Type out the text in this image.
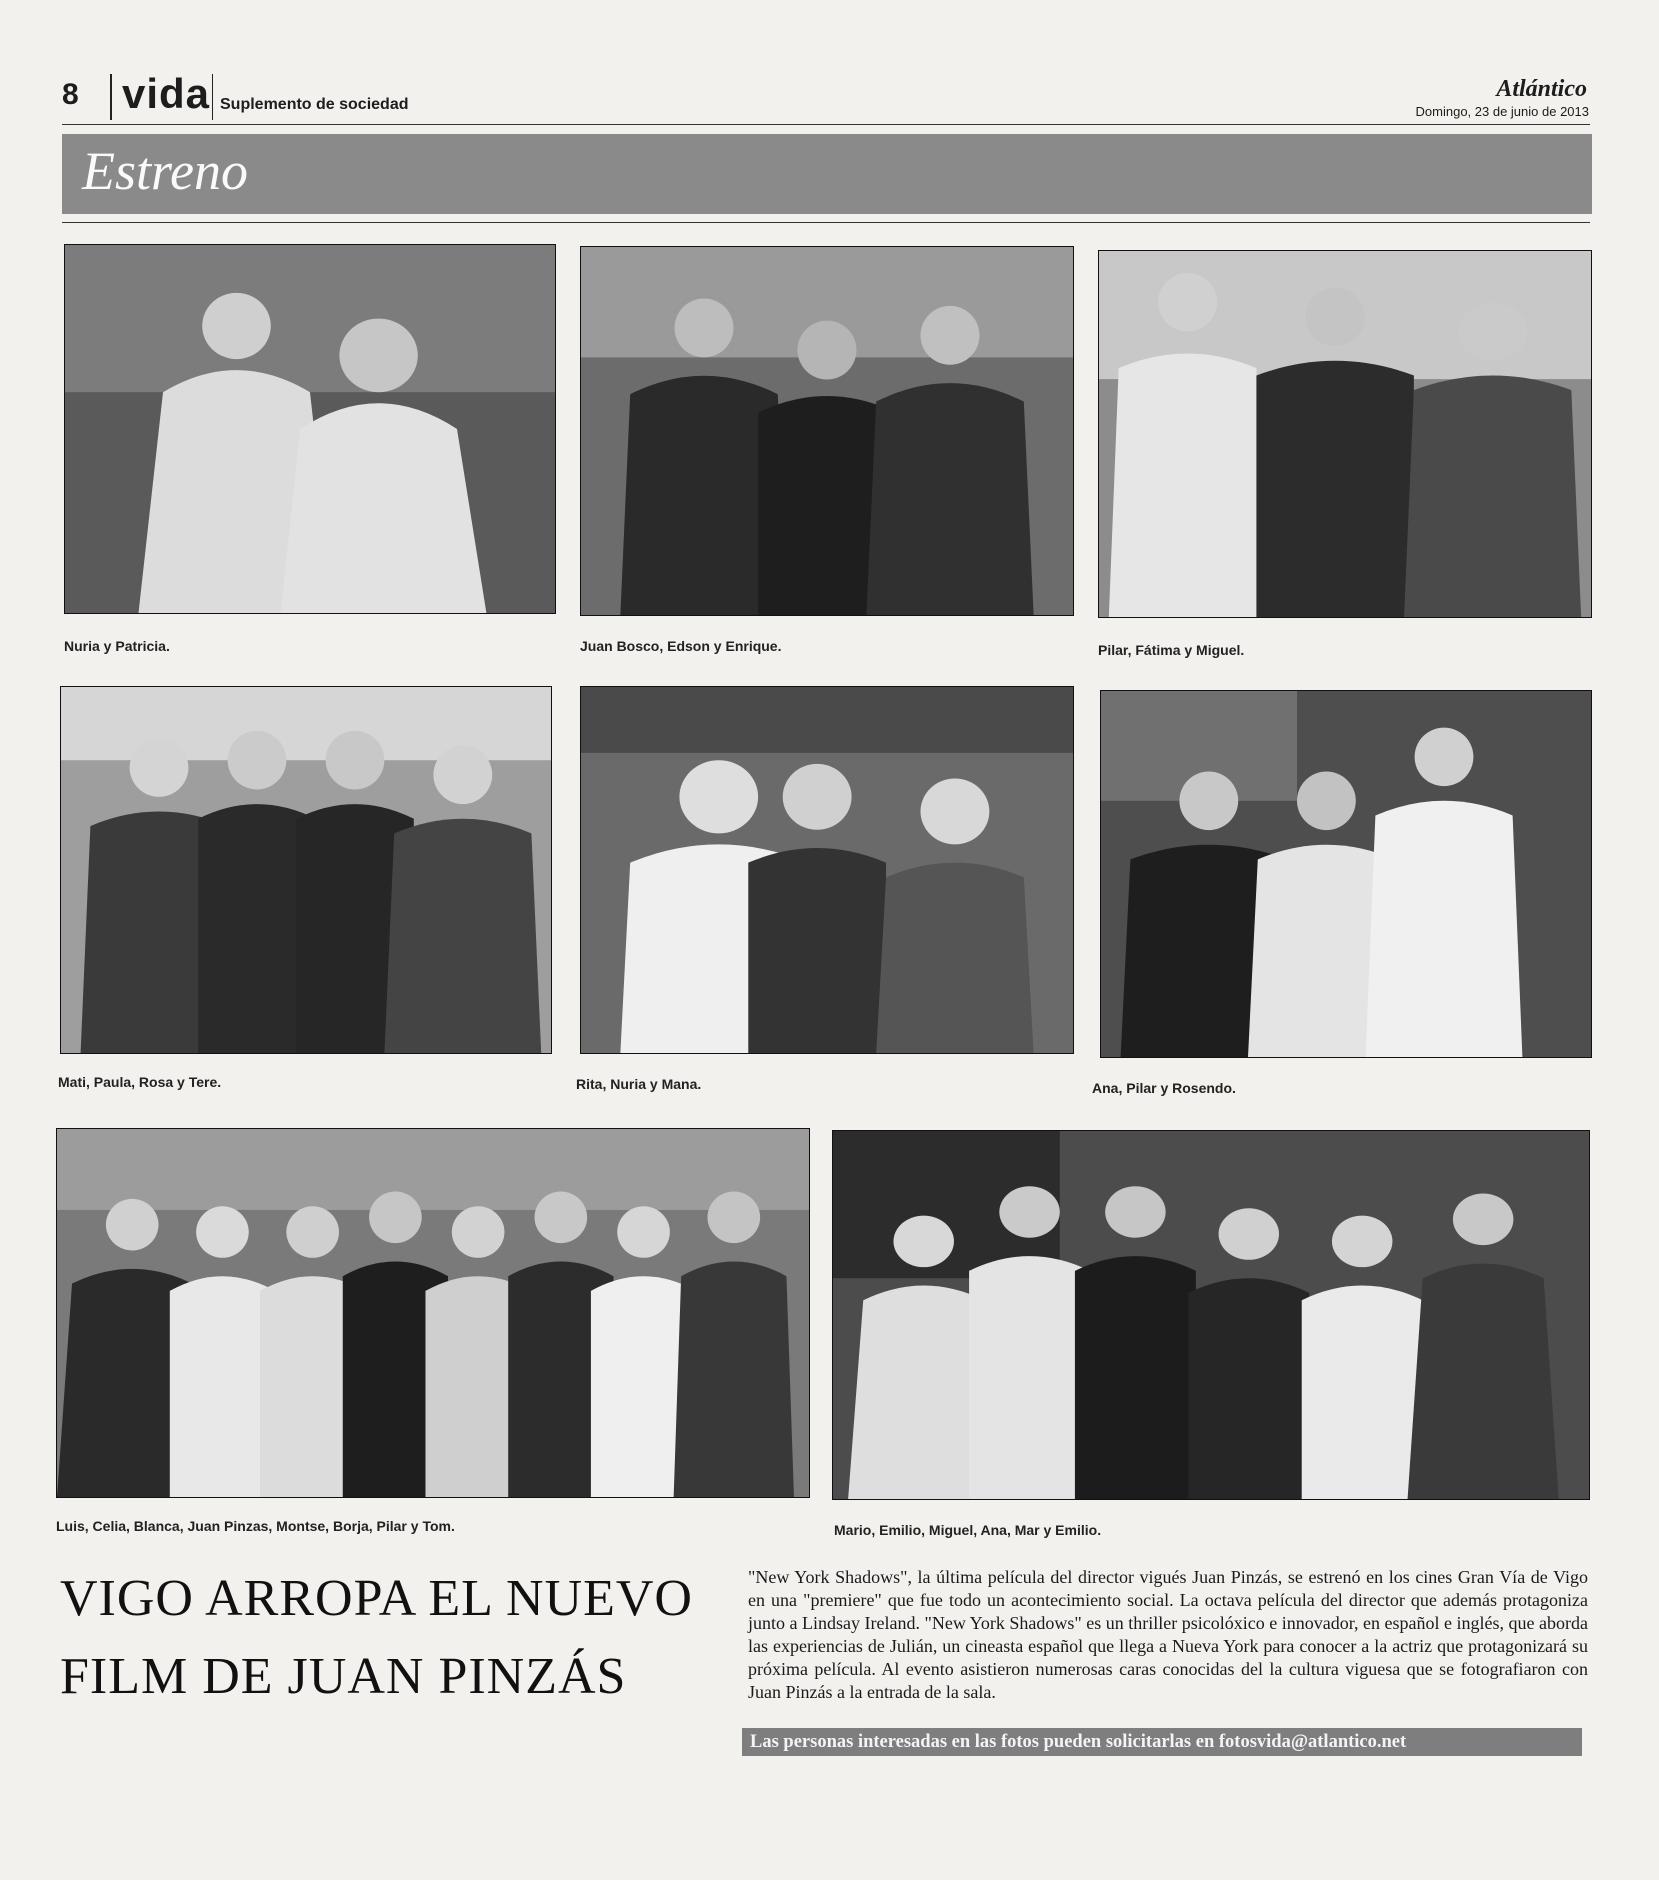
8 vida Suplemento de sociedad
Atlántico
Domingo, 23 de junio de 2013
Estreno
Nuria y Patricia.	Juan Bosco, Edson y Enrique.	Pilar, Fátima y Miguel.
Mati, Paula, Rosa y Tere.	Rita, Nuria y Mana.	Ana, Pilar y Rosendo.
Luis, Celia, Blanca, Juan Pinzas, Montse, Borja, Pilar y Tom.	Mario, Emilio, Miguel, Ana, Mar y Emilio.
VIGO ARROPA EL NUEVO
FILM DE JUAN PINZÁS
"New York Shadows", la última película del director vigués Juan Pinzás, se estrenó en los cines Gran Vía de Vigo en una "premiere" que fue todo un acontecimiento social. La octava película del director que además protagoniza junto a Lindsay Ireland. "New York Shadows" es un thriller psicolóxico e innovador, en español e inglés, que aborda las experiencias de Julián, un cineasta español que llega a Nueva York para conocer a la actriz que protagonizará su próxima película. Al evento asistieron numerosas caras conocidas del la cultura viguesa que se fotografiaron con Juan Pinzás a la entrada de la sala.
Las personas interesadas en las fotos pueden solicitarlas en fotosvida@atlantico.net
